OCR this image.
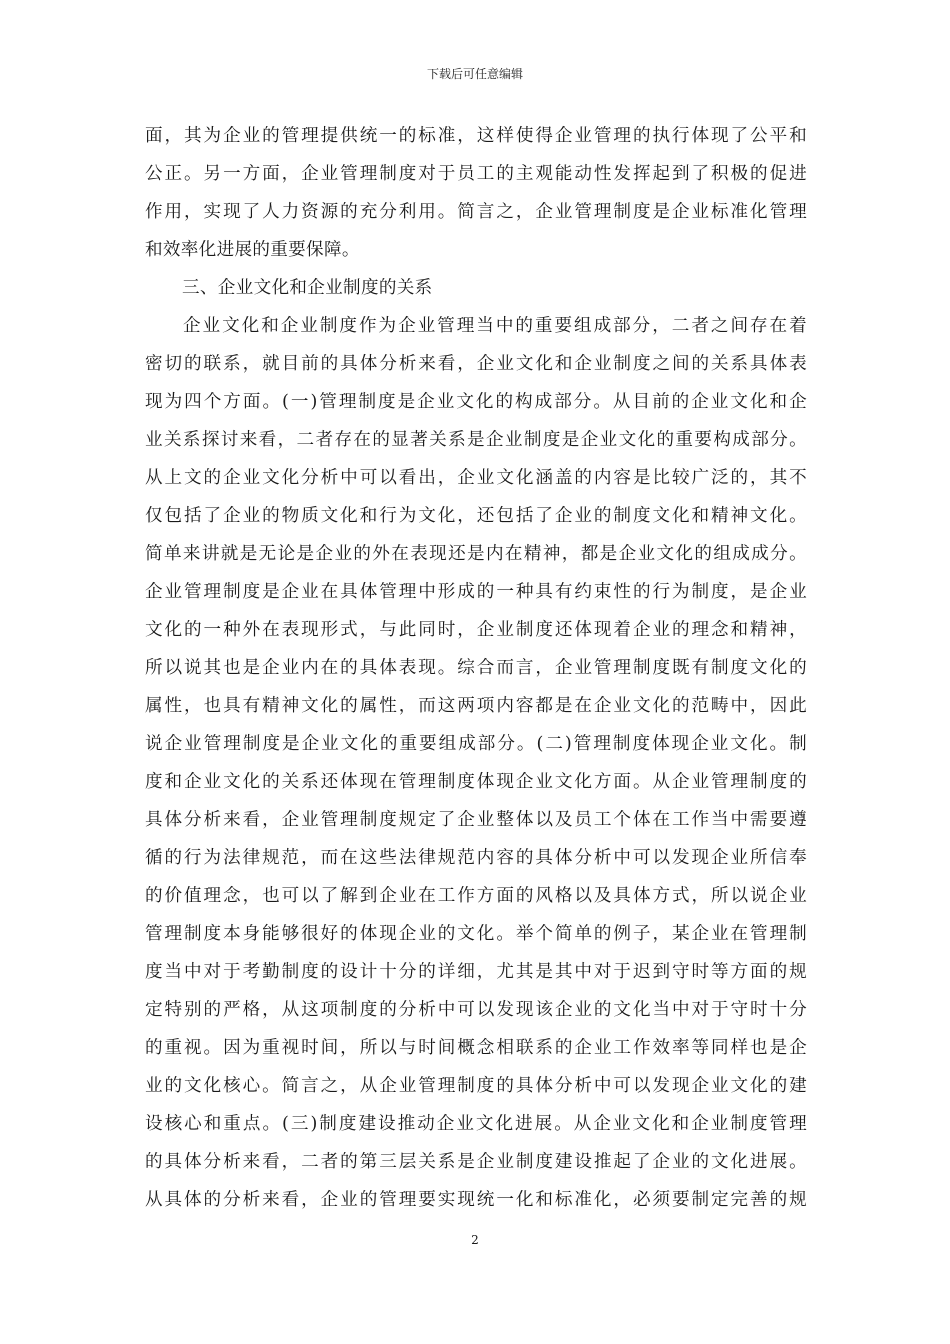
下载后可任意编辑
面，其为企业的管理提供统一的标准，这样使得企业管理的执行体现了公平和
公正。另一方面，企业管理制度对于员工的主观能动性发挥起到了积极的促进
作用，实现了人力资源的充分利用。简言之，企业管理制度是企业标准化管理
和效率化进展的重要保障。
三、企业文化和企业制度的关系
企业文化和企业制度作为企业管理当中的重要组成部分，二者之间存在着
密切的联系，就目前的具体分析来看，企业文化和企业制度之间的关系具体表
现为四个方面。(一)管理制度是企业文化的构成部分。从目前的企业文化和企
业关系探讨来看，二者存在的显著关系是企业制度是企业文化的重要构成部分。
从上文的企业文化分析中可以看出，企业文化涵盖的内容是比较广泛的，其不
仅包括了企业的物质文化和行为文化，还包括了企业的制度文化和精神文化。
简单来讲就是无论是企业的外在表现还是内在精神，都是企业文化的组成成分。
企业管理制度是企业在具体管理中形成的一种具有约束性的行为制度，是企业
文化的一种外在表现形式，与此同时，企业制度还体现着企业的理念和精神，
所以说其也是企业内在的具体表现。综合而言，企业管理制度既有制度文化的
属性，也具有精神文化的属性，而这两项内容都是在企业文化的范畴中，因此
说企业管理制度是企业文化的重要组成部分。(二)管理制度体现企业文化。制
度和企业文化的关系还体现在管理制度体现企业文化方面。从企业管理制度的
具体分析来看，企业管理制度规定了企业整体以及员工个体在工作当中需要遵
循的行为法律规范，而在这些法律规范内容的具体分析中可以发现企业所信奉
的价值理念，也可以了解到企业在工作方面的风格以及具体方式，所以说企业
管理制度本身能够很好的体现企业的文化。举个简单的例子，某企业在管理制
度当中对于考勤制度的设计十分的详细，尤其是其中对于迟到守时等方面的规
定特别的严格，从这项制度的分析中可以发现该企业的文化当中对于守时十分
的重视。因为重视时间，所以与时间概念相联系的企业工作效率等同样也是企
业的文化核心。简言之，从企业管理制度的具体分析中可以发现企业文化的建
设核心和重点。(三)制度建设推动企业文化进展。从企业文化和企业制度管理
的具体分析来看，二者的第三层关系是企业制度建设推起了企业的文化进展。
从具体的分析来看，企业的管理要实现统一化和标准化，必须要制定完善的规
2
